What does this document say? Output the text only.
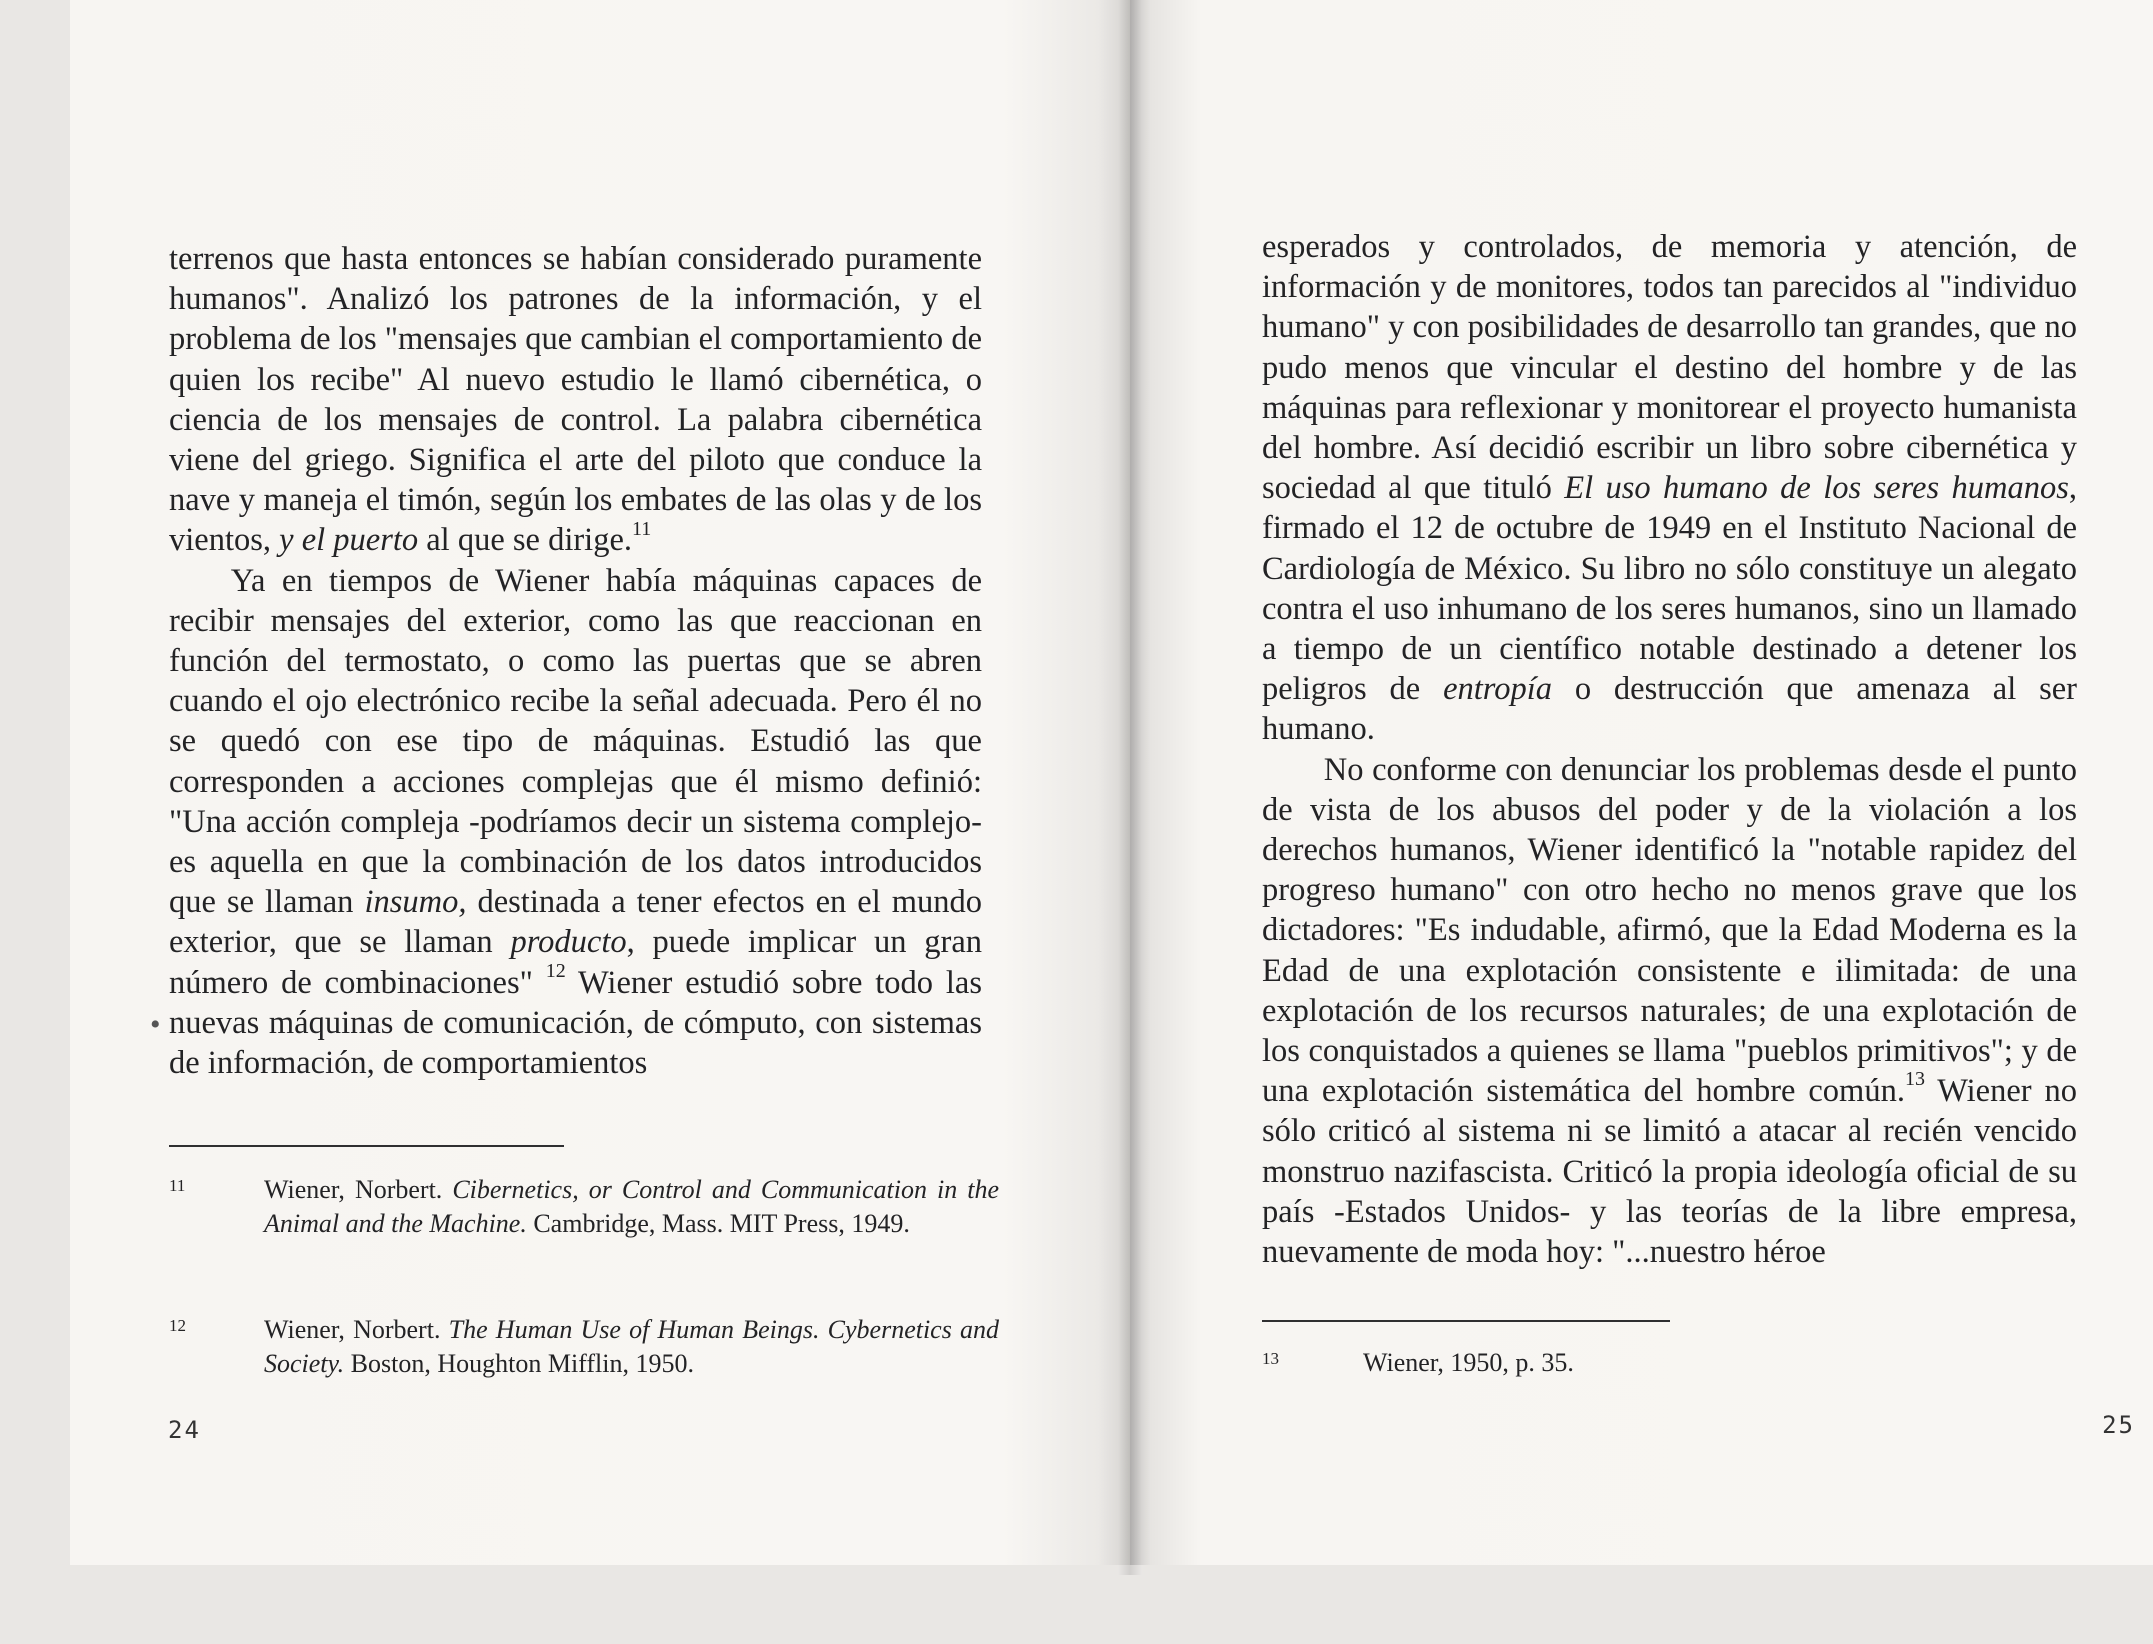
terrenos que hasta entonces se habían considerado puramente humanos". Analizó los patrones de la información, y el problema de los "mensajes que cambian el comportamiento de quien los recibe" Al nuevo estudio le llamó cibernética, o ciencia de los mensajes de control. La palabra cibernética viene del griego. Significa el arte del piloto que conduce la nave y maneja el timón, según los embates de las olas y de los vientos, y el puerto al que se dirige.$^{11}$

Ya en tiempos de Wiener había máquinas capaces de recibir mensajes del exterior, como las que reaccionan en función del termostato, o como las puertas que se abren cuando el ojo electrónico recibe la señal adecuada. Pero él no se quedó con ese tipo de máquinas. Estudió las que corresponden a acciones complejas que él mismo definió: "Una acción compleja -podríamos decir un sistema complejo- es aquella en que la combinación de los datos introducidos que se llaman insumo, destinada a tener efectos en el mundo exterior, que se llaman producto, puede implicar un gran número de combinaciones" $^{12}$ Wiener estudió sobre todo las nuevas máquinas de comunicación, de cómputo, con sistemas de información, de comportamientos

11	Wiener, Norbert. Cibernetics, or Control and Communication in the Animal and the Machine. Cambridge, Mass. MIT Press, 1949.
12	Wiener, Norbert. The Human Use of Human Beings. Cybernetics and Society. Boston, Houghton Mifflin, 1950.
24
•

esperados y controlados, de memoria y atención, de información y de monitores, todos tan parecidos al "individuo humano" y con posibilidades de desarrollo tan grandes, que no pudo menos que vincular el destino del hombre y de las máquinas para reflexionar y monitorear el proyecto humanista del hombre. Así decidió escribir un libro sobre cibernética y sociedad al que tituló El uso humano de los seres humanos, firmado el 12 de octubre de 1949 en el Instituto Nacional de Cardiología de México. Su libro no sólo constituye un alegato contra el uso inhumano de los seres humanos, sino un llamado a tiempo de un científico notable destinado a detener los peligros de entropía o destrucción que amenaza al ser humano.

No conforme con denunciar los problemas desde el punto de vista de los abusos del poder y de la violación a los derechos humanos, Wiener identificó la "notable rapidez del progreso humano" con otro hecho no menos grave que los dictadores: "Es indudable, afirmó, que la Edad Moderna es la Edad de una explotación consistente e ilimitada: de una explotación de los recursos naturales; de una explotación de los conquistados a quienes se llama "pueblos primitivos"; y de una explotación sistemática del hombre común.$^{13}$ Wiener no sólo criticó al sistema ni se limitó a atacar al recién vencido monstruo nazifascista. Criticó la propia ideología oficial de su país -Estados Unidos- y las teorías de la libre empresa, nuevamente de moda hoy: "...nuestro héroe

13	Wiener, 1950, p. 35.
25
